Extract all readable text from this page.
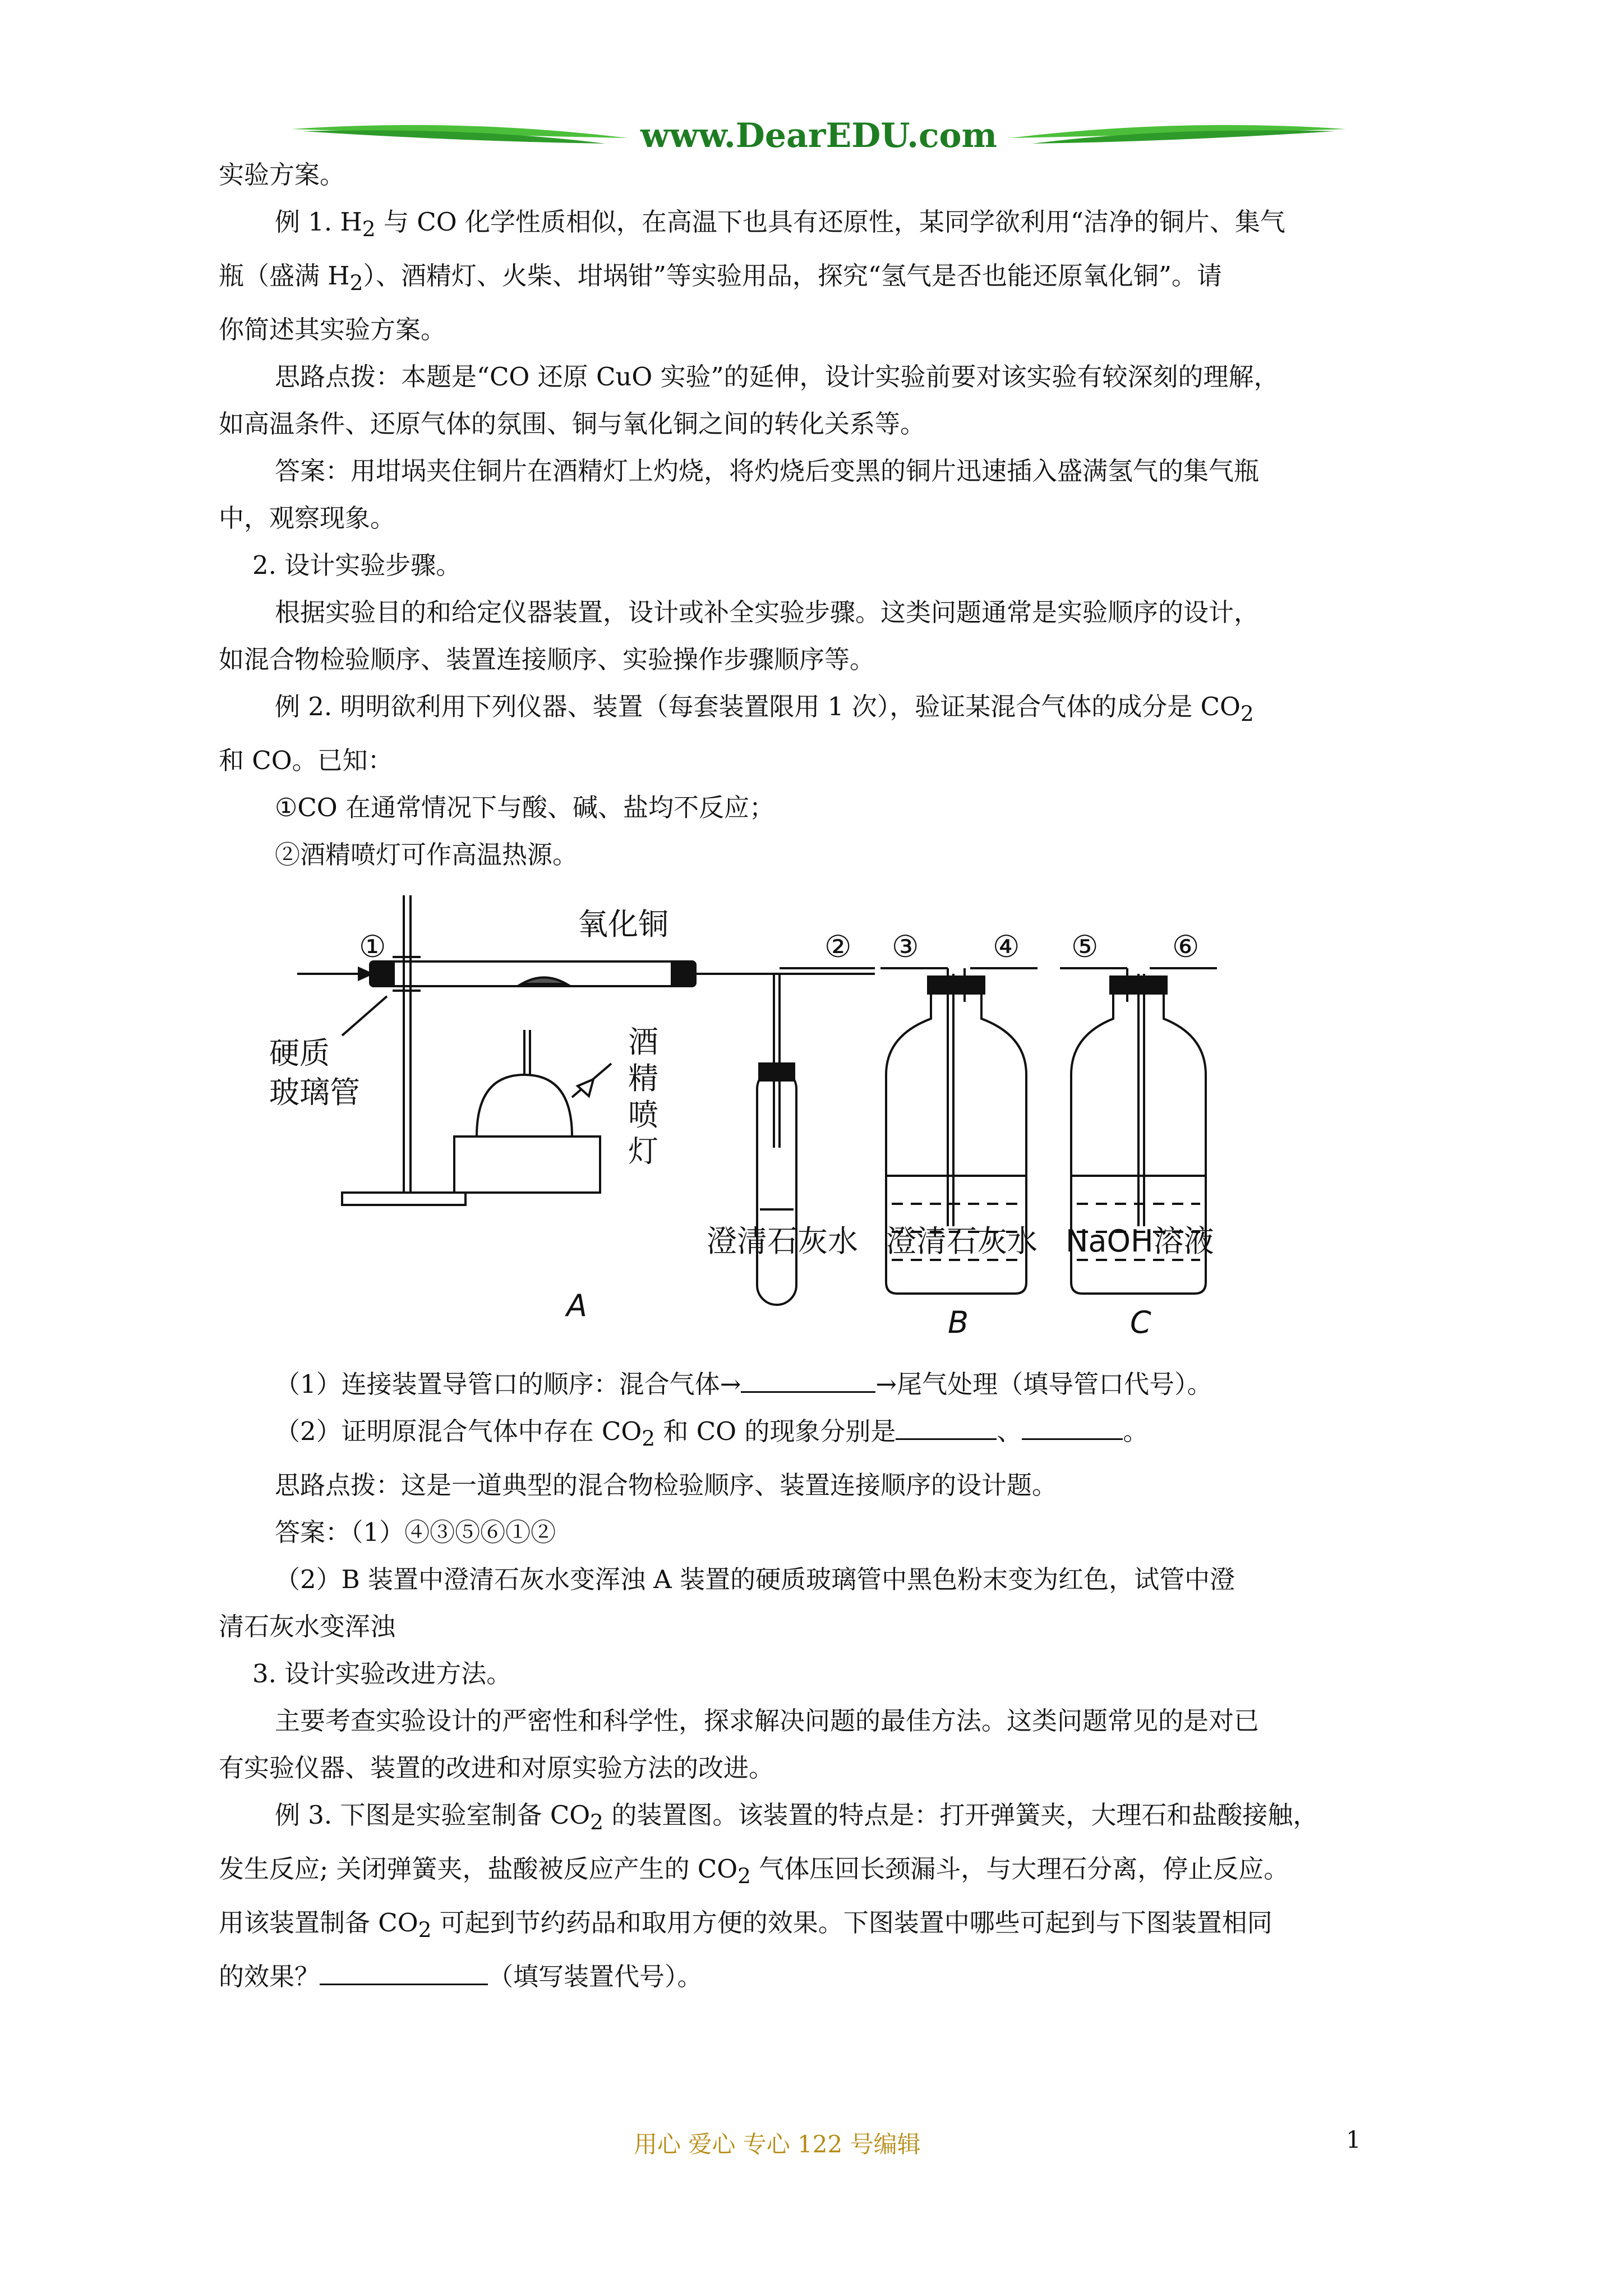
www.DearEDU.com

实验方案。

例 1. $H_2$ 与 CO 化学性质相似，在高温下也具有还原性，某同学欲利用“洁净的铜片、集气

瓶（盛满 $H_2$）、酒精灯、火柴、坩埚钳”等实验用品，探究“氢气是否也能还原氧化铜”。请

你简述其实验方案。

思路点拨：本题是“CO 还原 CuO 实验”的延伸，设计实验前要对该实验有较深刻的理解，

如高温条件、还原气体的氛围、铜与氧化铜之间的转化关系等。

答案：用坩埚夹住铜片在酒精灯上灼烧，将灼烧后变黑的铜片迅速插入盛满氢气的集气瓶

中，观察现象。

2. 设计实验步骤。

根据实验目的和给定仪器装置，设计或补全实验步骤。这类问题通常是实验顺序的设计，

如混合物检验顺序、装置连接顺序、实验操作步骤顺序等。

例 2. 明明欲利用下列仪器、装置（每套装置限用 1 次），验证某混合气体的成分是 $CO_2$

和 CO。已知：

①CO 在通常情况下与酸、碱、盐均不反应；

②酒精喷灯可作高温热源。

①
氧化铜
② ③ ④ ⑤ ⑥
硬质
玻璃管
酒
精
喷
灯
澄清石灰水 澄清石灰水 NaOH溶液
A	B	C

（1）连接装置导管口的顺序：混合气体→	→尾气处理（填导管口代号）。

（2）证明原混合气体中存在 $CO_2$ 和 CO 的现象分别是	、	。

思路点拨：这是一道典型的混合物检验顺序、装置连接顺序的设计题。

答案：（1）④③⑤⑥①②

（2）B 装置中澄清石灰水变浑浊 A 装置的硬质玻璃管中黑色粉末变为红色，试管中澄

清石灰水变浑浊

3. 设计实验改进方法。

主要考查实验设计的严密性和科学性，探求解决问题的最佳方法。这类问题常见的是对已

有实验仪器、装置的改进和对原实验方法的改进。

例 3. 下图是实验室制备 $CO_2$ 的装置图。该装置的特点是：打开弹簧夹，大理石和盐酸接触，

发生反应; 关闭弹簧夹，盐酸被反应产生的 $CO_2$ 气体压回长颈漏斗，与大理石分离，停止反应。

用该装置制备 $CO_2$ 可起到节约药品和取用方便的效果。下图装置中哪些可起到与下图装置相同

的效果？	（填写装置代号）。

用心 爱心 专心 122 号编辑	1
